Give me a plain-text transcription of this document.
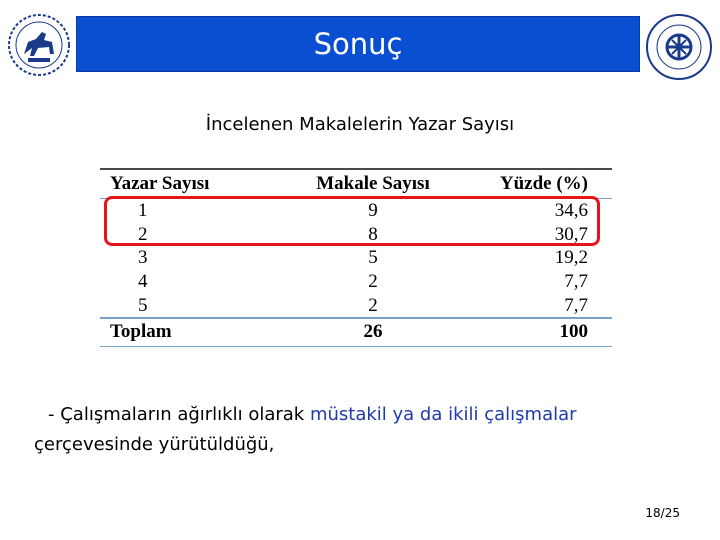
Sonuç
İncelenen Makalelerin Yazar Sayısı
Yazar Sayısı	Makale Sayısı	Yüzde (%)
1	9	34,6
2	8	30,7
3	5	19,2
4	2	7,7
5	2	7,7
Toplam	26	100
- Çalışmaların ağırlıklı olarak müstakil ya da ikili çalışmalar
çerçevesinde yürütüldüğü,
18/25
